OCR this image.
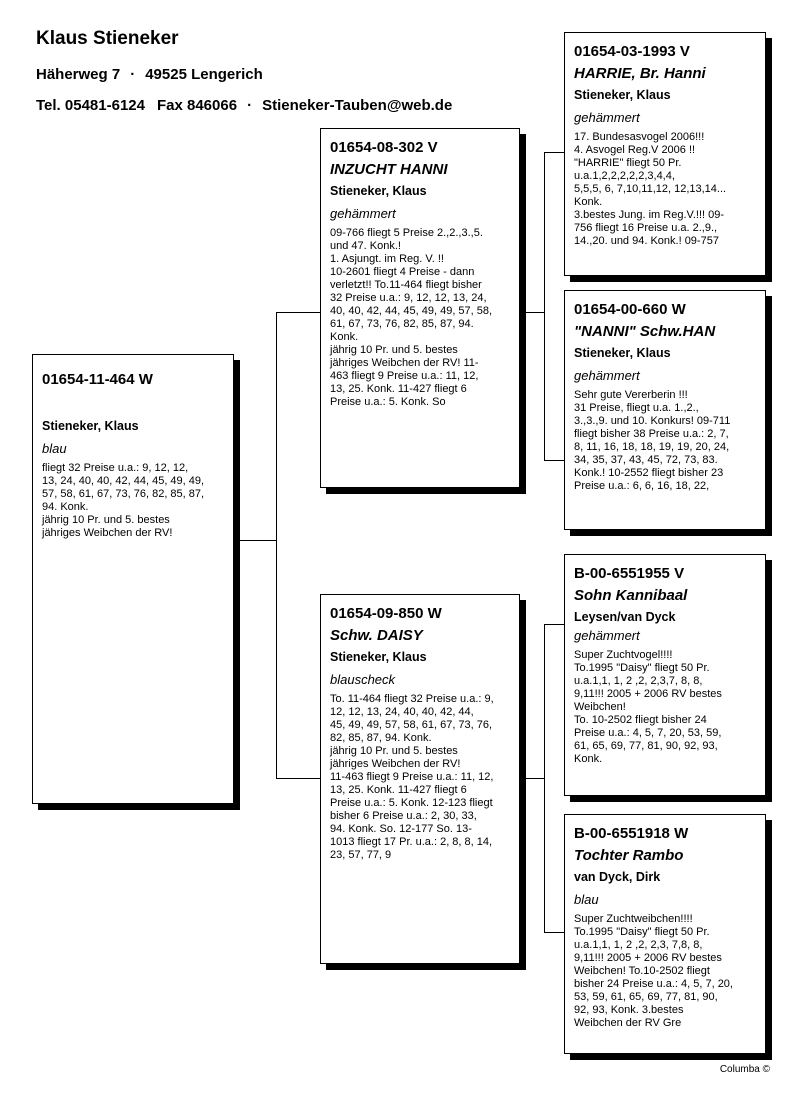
Klaus Stieneker
Häherweg 7 · 49525 Lengerich
Tel. 05481-6124 Fax 846066 · Stieneker-Tauben@web.de
01654-11-464 W
Stieneker, Klaus
blau
fliegt 32 Preise u.a.: 9, 12, 12,
13, 24, 40, 40, 42, 44, 45, 49, 49,
57, 58, 61, 67, 73, 76, 82, 85, 87,
94. Konk.
jährig 10 Pr. und 5. bestes
jähriges Weibchen der RV!
01654-08-302 V
INZUCHT HANNI
Stieneker, Klaus
gehämmert
09-766 fliegt 5 Preise 2.,2.,3.,5.
und 47. Konk.!
1. Asjungt. im Reg. V. !!
10-2601 fliegt 4 Preise - dann
verletzt!! To.11-464 fliegt bisher
32 Preise u.a.: 9, 12, 12, 13, 24,
40, 40, 42, 44, 45, 49, 49, 57, 58,
61, 67, 73, 76, 82, 85, 87, 94.
Konk.
jährig 10 Pr. und 5. bestes
jähriges Weibchen der RV! 11-
463 fliegt 9 Preise u.a.: 11, 12,
13, 25. Konk. 11-427 fliegt 6
Preise u.a.: 5. Konk. So
01654-09-850 W
Schw. DAISY
Stieneker, Klaus
blauscheck
To. 11-464 fliegt 32 Preise u.a.: 9,
12, 12, 13, 24, 40, 40, 42, 44,
45, 49, 49, 57, 58, 61, 67, 73, 76,
82, 85, 87, 94. Konk.
jährig 10 Pr. und 5. bestes
jähriges Weibchen der RV!
11-463 fliegt 9 Preise u.a.: 11, 12,
13, 25. Konk. 11-427 fliegt 6
Preise u.a.: 5. Konk. 12-123 fliegt
bisher 6 Preise u.a.: 2, 30, 33,
94. Konk. So. 12-177 So. 13-
1013 fliegt 17 Pr. u.a.: 2, 8, 8, 14,
23, 57, 77, 9
01654-03-1993 V
HARRIE, Br. Hanni
Stieneker, Klaus
gehämmert
17. Bundesasvogel 2006!!!
4. Asvogel Reg.V 2006 !!
"HARRIE" fliegt 50 Pr.
u.a.1,2,2,2,2,2,3,4,4,
5,5,5, 6, 7,10,11,12, 12,13,14...
Konk.
3.bestes Jung. im Reg.V.!!! 09-
756 fliegt 16 Preise u.a. 2.,9.,
14.,20. und 94. Konk.! 09-757
01654-00-660 W
"NANNI" Schw.HAN
Stieneker, Klaus
gehämmert
Sehr gute Vererberin !!!
31 Preise, fliegt u.a. 1.,2.,
3.,3.,9. und 10. Konkurs! 09-711
fliegt bisher 38 Preise u.a.: 2, 7,
8, 11, 16, 18, 18, 19, 19, 20, 24,
34, 35, 37, 43, 45, 72, 73, 83.
Konk.! 10-2552 fliegt bisher 23
Preise u.a.: 6, 6, 16, 18, 22,
B-00-6551955 V
Sohn Kannibaal
Leysen/van Dyck
gehämmert
Super Zuchtvogel!!!!
To.1995 "Daisy" fliegt 50 Pr.
u.a.1,1, 1, 2 ,2, 2,3,7, 8, 8,
9,11!!! 2005 + 2006 RV bestes
Weibchen!
To. 10-2502 fliegt bisher 24
Preise u.a.: 4, 5, 7, 20, 53, 59,
61, 65, 69, 77, 81, 90, 92, 93,
Konk.
B-00-6551918 W
Tochter Rambo
van Dyck, Dirk
blau
Super Zuchtweibchen!!!!
To.1995 "Daisy" fliegt 50 Pr.
u.a.1,1, 1, 2 ,2, 2,3, 7,8, 8,
9,11!!! 2005 + 2006 RV bestes
Weibchen! To.10-2502 fliegt
bisher 24 Preise u.a.: 4, 5, 7, 20,
53, 59, 61, 65, 69, 77, 81, 90,
92, 93, Konk. 3.bestes
Weibchen der RV Gre
Columba ©
